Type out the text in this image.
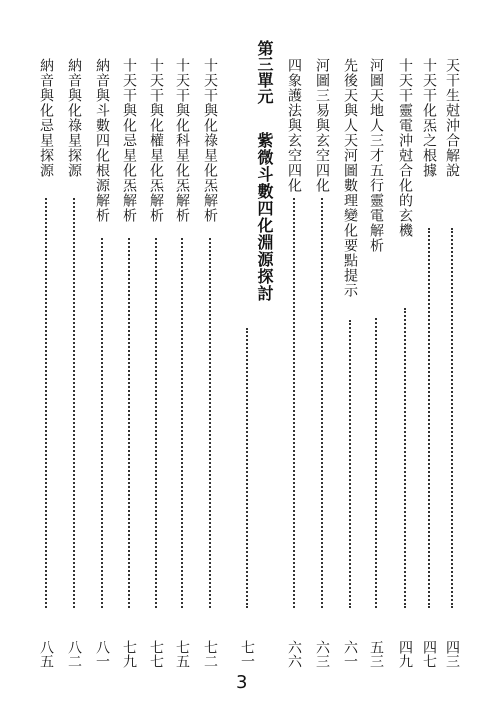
天干生尅沖合解說
四三
十天干化炁之根據
四七
十天干靈電沖尅合化的玄機
四九
河圖天地人三才五行靈電解析
五三
先後天與人天河圖數理變化要點提示
六一
河圖三易與玄空四化
六三
四象護法與玄空四化
六六
第三單元
紫微斗數四化淵源探討
七一
十天干與化祿星化炁解析
七二
十天干與化科星化炁解析
七五
十天干與化權星化炁解析
七七
十天干與化忌星化炁解析
七九
納音與斗數四化根源解析
八一
納音與化祿星探源
八二
納音與化忌星探源
八五
3
